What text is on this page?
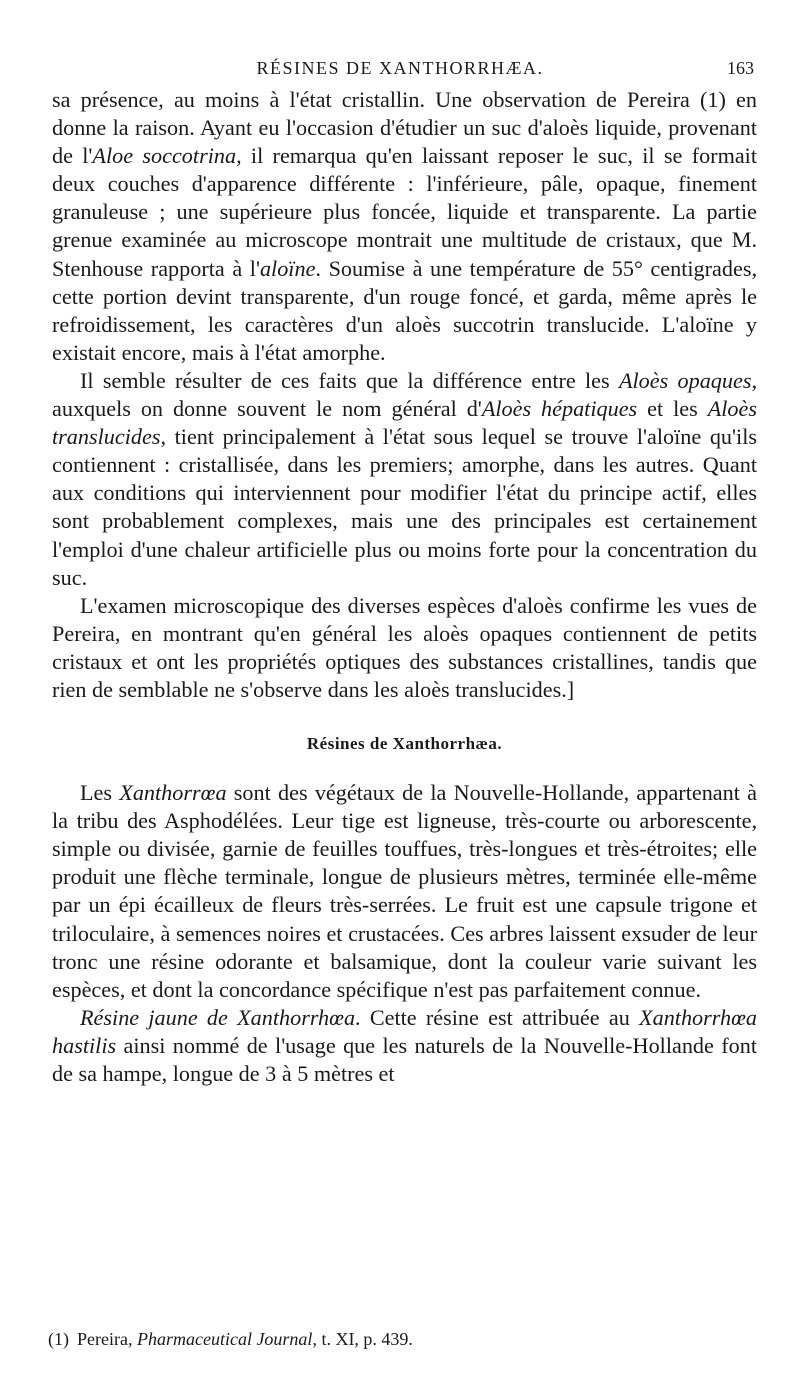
RÉSINES DE XANTHORRHÆA.	163

sa présence, au moins à l'état cristallin. Une observation de Pereira (1) en donne la raison. Ayant eu l'occasion d'étudier un suc d'aloès liquide, provenant de l'Aloe soccotrina, il remarqua qu'en laissant reposer le suc, il se formait deux couches d'apparence différente : l'inférieure, pâle, opaque, finement granuleuse ; une supérieure plus foncée, liquide et transparente. La partie grenue examinée au microscope montrait une multitude de cristaux, que M. Stenhouse rapporta à l'aloïne. Soumise à une température de 55° centigrades, cette portion devint transparente, d'un rouge foncé, et garda, même après le refroidissement, les caractères d'un aloès succotrin translucide. L'aloïne y existait encore, mais à l'état amorphe.

Il semble résulter de ces faits que la différence entre les Aloès opaques, auxquels on donne souvent le nom général d'Aloès hépatiques et les Aloès translucides, tient principalement à l'état sous lequel se trouve l'aloïne qu'ils contiennent : cristallisée, dans les premiers; amorphe, dans les autres. Quant aux conditions qui interviennent pour modifier l'état du principe actif, elles sont probablement complexes, mais une des principales est certainement l'emploi d'une chaleur artificielle plus ou moins forte pour la concentration du suc.

L'examen microscopique des diverses espèces d'aloès confirme les vues de Pereira, en montrant qu'en général les aloès opaques contiennent de petits cristaux et ont les propriétés optiques des substances cristallines, tandis que rien de semblable ne s'observe dans les aloès translucides.]

Résines de Xanthorrhæa.

Les Xanthorrœa sont des végétaux de la Nouvelle-Hollande, appartenant à la tribu des Asphodélées. Leur tige est ligneuse, très-courte ou arborescente, simple ou divisée, garnie de feuilles touffues, très-longues et très-étroites; elle produit une flèche terminale, longue de plusieurs mètres, terminée elle-même par un épi écailleux de fleurs très-serrées. Le fruit est une capsule trigone et triloculaire, à semences noires et crustacées. Ces arbres laissent exsuder de leur tronc une résine odorante et balsamique, dont la couleur varie suivant les espèces, et dont la concordance spécifique n'est pas parfaitement connue.

Résine jaune de Xanthorrhœa. Cette résine est attribuée au Xanthorrhœa hastilis ainsi nommé de l'usage que les naturels de la Nouvelle-Hollande font de sa hampe, longue de 3 à 5 mètres et

(1) Pereira, Pharmaceutical Journal, t. XI, p. 439.
